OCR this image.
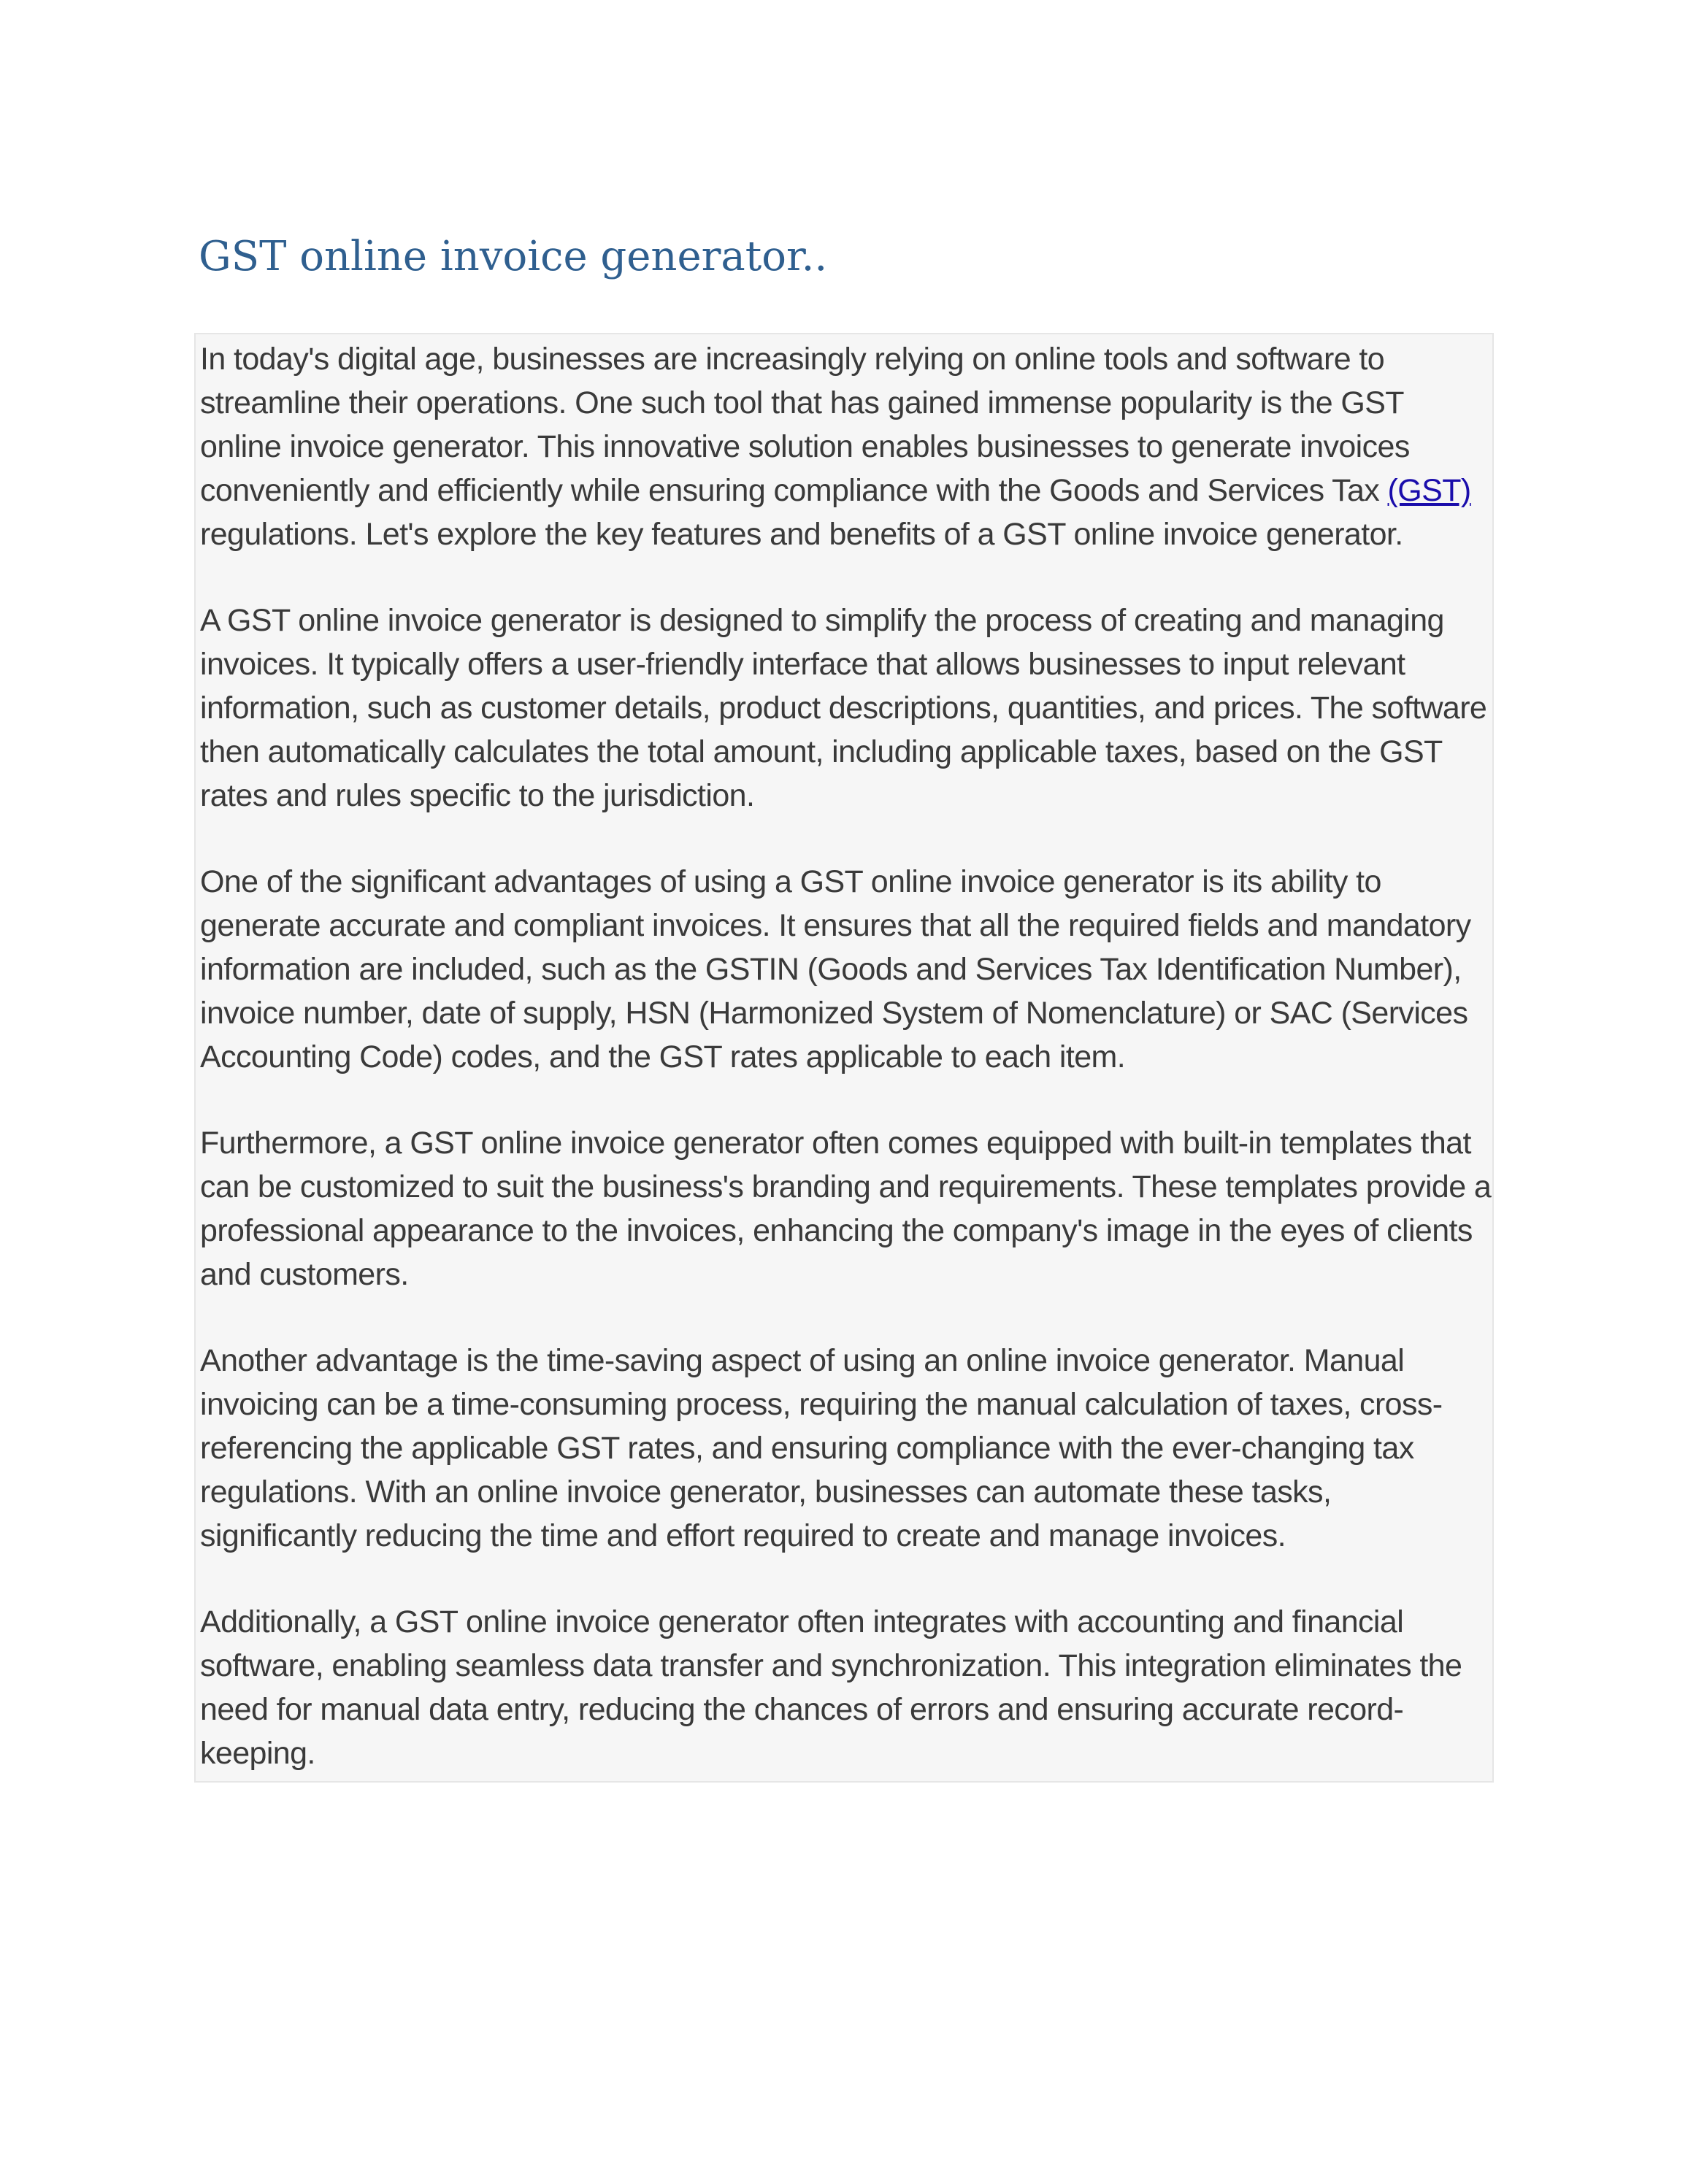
GST online invoice generator..

In today's digital age, businesses are increasingly relying on online tools and software to streamline their operations. One such tool that has gained immense popularity is the GST online invoice generator. This innovative solution enables businesses to generate invoices conveniently and efficiently while ensuring compliance with the Goods and Services Tax (GST) regulations. Let's explore the key features and benefits of a GST online invoice generator.

A GST online invoice generator is designed to simplify the process of creating and managing invoices. It typically offers a user-friendly interface that allows businesses to input relevant information, such as customer details, product descriptions, quantities, and prices. The software then automatically calculates the total amount, including applicable taxes, based on the GST rates and rules specific to the jurisdiction.

One of the significant advantages of using a GST online invoice generator is its ability to generate accurate and compliant invoices. It ensures that all the required fields and mandatory information are included, such as the GSTIN (Goods and Services Tax Identification Number), invoice number, date of supply, HSN (Harmonized System of Nomenclature) or SAC (Services Accounting Code) codes, and the GST rates applicable to each item.

Furthermore, a GST online invoice generator often comes equipped with built-in templates that can be customized to suit the business's branding and requirements. These templates provide a professional appearance to the invoices, enhancing the company's image in the eyes of clients and customers.

Another advantage is the time-saving aspect of using an online invoice generator. Manual invoicing can be a time-consuming process, requiring the manual calculation of taxes, cross-referencing the applicable GST rates, and ensuring compliance with the ever-changing tax regulations. With an online invoice generator, businesses can automate these tasks, significantly reducing the time and effort required to create and manage invoices.

Additionally, a GST online invoice generator often integrates with accounting and financial software, enabling seamless data transfer and synchronization. This integration eliminates the need for manual data entry, reducing the chances of errors and ensuring accurate record-keeping.
